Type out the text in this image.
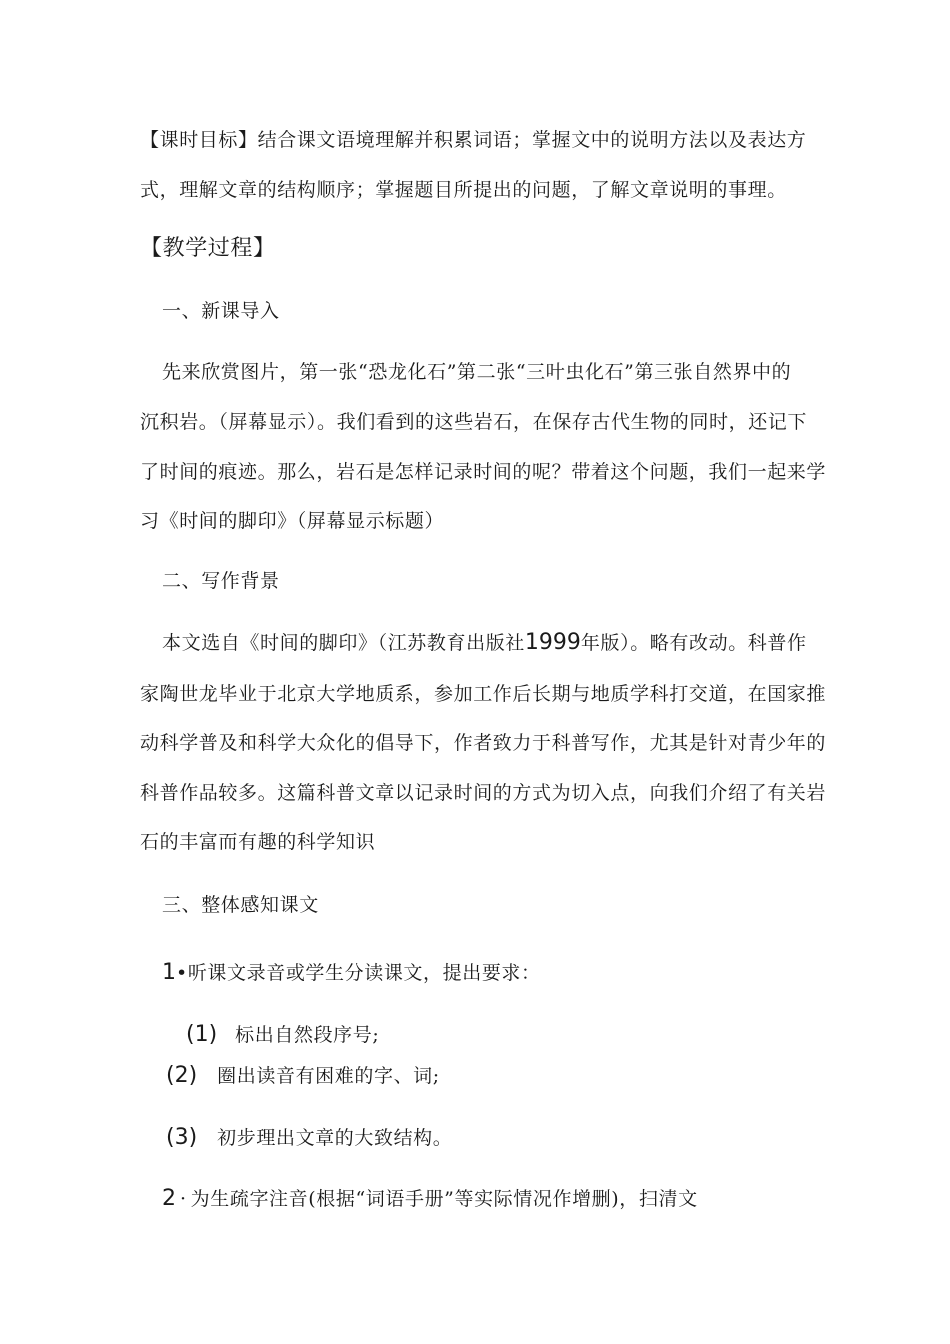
【课时目标】结合课文语境理解并积累词语；掌握文中的说明方法以及表达方
式，理解文章的结构顺序；掌握题目所提出的问题，了解文章说明的事理。
【教学过程】
一、新课导入
先来欣赏图片，第一张“恐龙化石”第二张“三叶虫化石”第三张自然界中的
沉积岩。（屏幕显示）。我们看到的这些岩石，在保存古代生物的同时，还记下
了时间的痕迹。那么，岩石是怎样记录时间的呢？带着这个问题，我们一起来学
习《时间的脚印》（屏幕显示标题）
二、写作背景
本文选自《时间的脚印》（江苏教育出版社1999年版）。略有改动。科普作
家陶世龙毕业于北京大学地质系，参加工作后长期与地质学科打交道，在国家推
动科学普及和科学大众化的倡导下，作者致力于科普写作，尤其是针对青少年的
科普作品较多。这篇科普文章以记录时间的方式为切入点，向我们介绍了有关岩
石的丰富而有趣的科学知识
三、整体感知课文
1•听课文录音或学生分读课文，提出要求：
(1) 标出自然段序号;
(2) 圈出读音有困难的字、词;
(3) 初步理出文章的大致结构。
2 · 为生疏字注音(根据“词语手册”等实际情况作增删)，扫清文
